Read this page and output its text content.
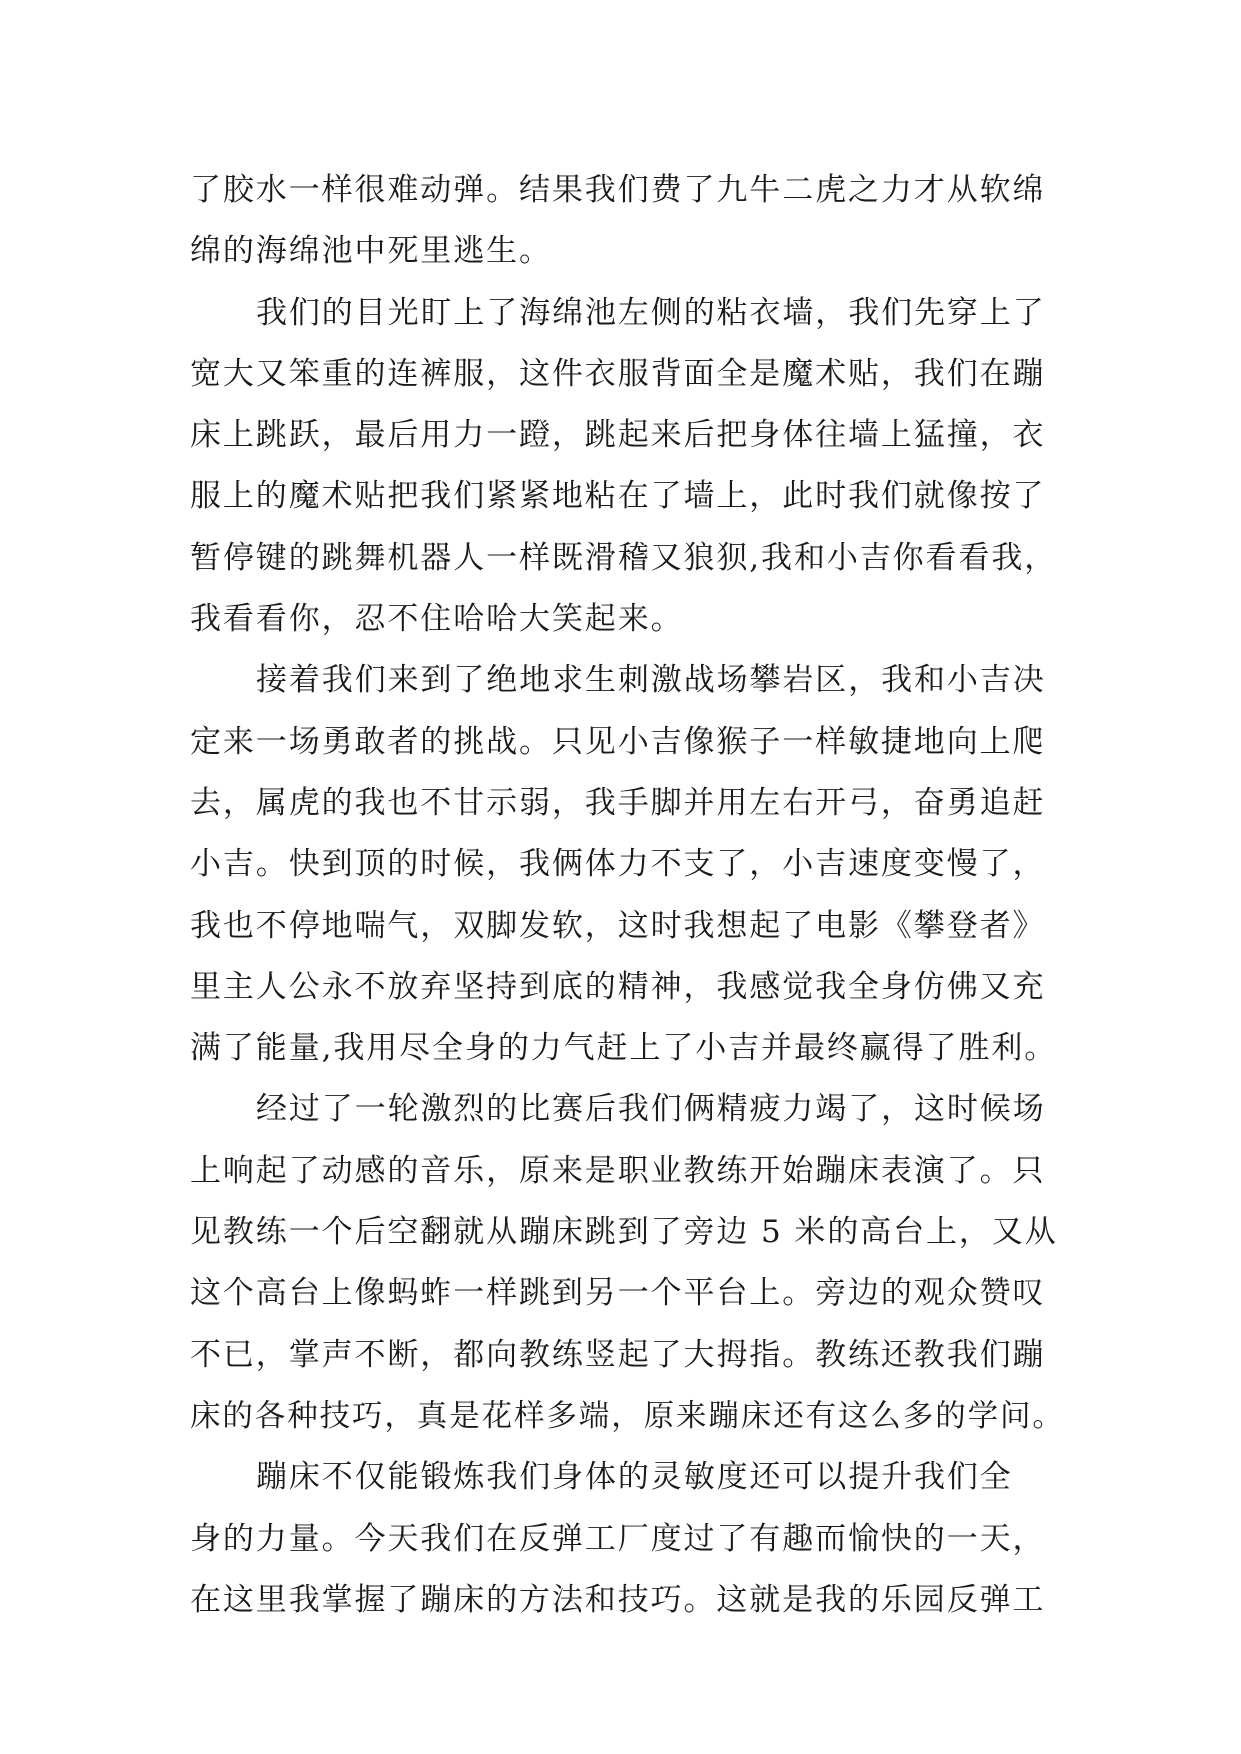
了胶水一样很难动弹。结果我们费了九牛二虎之力才从软绵
绵的海绵池中死里逃生。
我们的目光盯上了海绵池左侧的粘衣墙，我们先穿上了
宽大又笨重的连裤服，这件衣服背面全是魔术贴，我们在蹦
床上跳跃，最后用力一蹬，跳起来后把身体往墙上猛撞，衣
服上的魔术贴把我们紧紧地粘在了墙上，此时我们就像按了
暂停键的跳舞机器人一样既滑稽又狼狈,我和小吉你看看我，
我看看你，忍不住哈哈大笑起来。
接着我们来到了绝地求生刺激战场攀岩区，我和小吉决
定来一场勇敢者的挑战。只见小吉像猴子一样敏捷地向上爬
去，属虎的我也不甘示弱，我手脚并用左右开弓，奋勇追赶
小吉。快到顶的时候，我俩体力不支了，小吉速度变慢了，
我也不停地喘气，双脚发软，这时我想起了电影《攀登者》
里主人公永不放弃坚持到底的精神，我感觉我全身仿佛又充
满了能量,我用尽全身的力气赶上了小吉并最终赢得了胜利。
经过了一轮激烈的比赛后我们俩精疲力竭了，这时候场
上响起了动感的音乐，原来是职业教练开始蹦床表演了。只
见教练一个后空翻就从蹦床跳到了旁边 5 米的高台上，又从
这个高台上像蚂蚱一样跳到另一个平台上。旁边的观众赞叹
不已，掌声不断，都向教练竖起了大拇指。教练还教我们蹦
床的各种技巧，真是花样多端，原来蹦床还有这么多的学问。
蹦床不仅能锻炼我们身体的灵敏度还可以提升我们全
身的力量。今天我们在反弹工厂度过了有趣而愉快的一天，
在这里我掌握了蹦床的方法和技巧。这就是我的乐园反弹工
